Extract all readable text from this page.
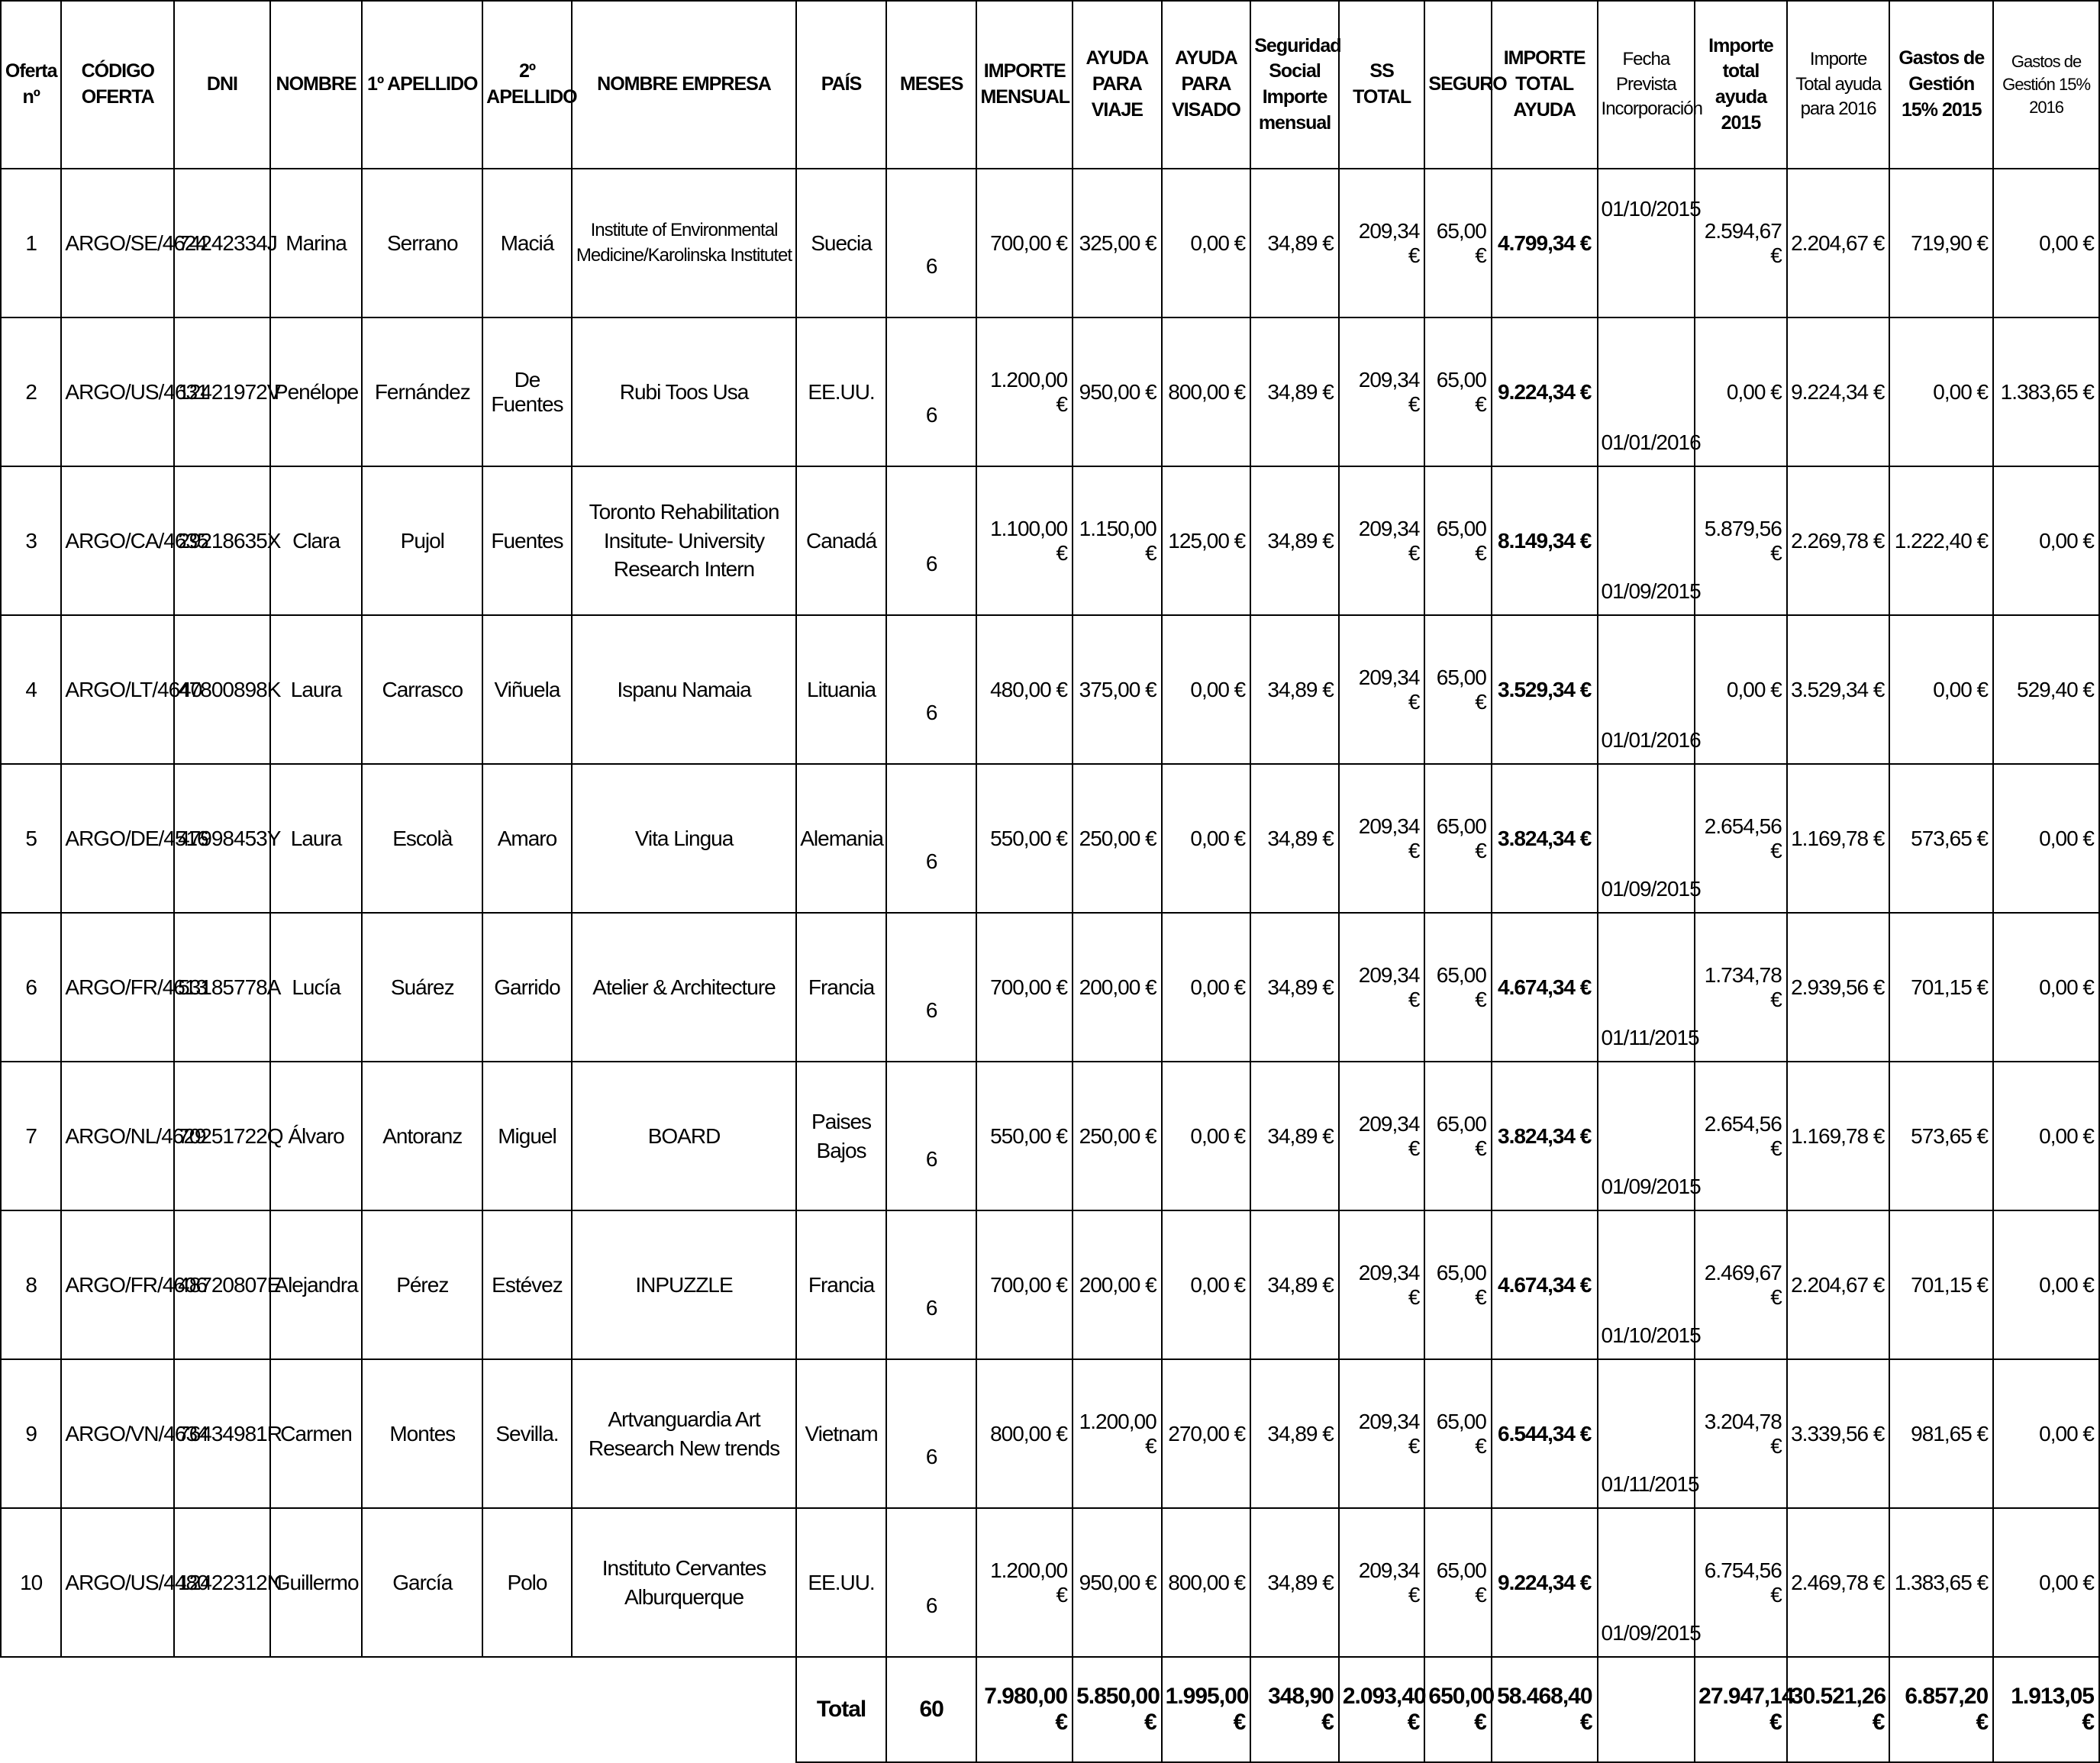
Oferta nº	CÓDIGO OFERTA	DNI	NOMBRE	1º APELLIDO	2º APELLIDO	NOMBRE EMPRESA	PAÍS	MESES	IMPORTE MENSUAL	AYUDA PARA VIAJE	AYUDA PARA VISADO	Seguridad Social Importe mensual	SS TOTAL	SEGURO	IMPORTE TOTAL AYUDA	Fecha Prevista Incorporación	Importe total ayuda 2015	Importe Total ayuda para 2016	Gastos de Gestión 15% 2015	Gastos de Gestión 15% 2016
1	ARGO/SE/4624	74242334J	Marina	Serrano	Maciá	Institute of Environmental Medicine/Karolinska Institutet	Suecia	6	700,00 €	325,00 €	0,00 €	34,89 €	209,34 €	65,00 €	4.799,34 €	01/10/2015	2.594,67 €	2.204,67 €	719,90 €	0,00 €
2	ARGO/US/4631	12421972V	Penélope	Fernández	De Fuentes	Rubi Toos Usa	EE.UU.	6	1.200,00 €	950,00 €	800,00 €	34,89 €	209,34 €	65,00 €	9.224,34 €	01/01/2016	0,00 €	9.224,34 €	0,00 €	1.383,65 €
3	ARGO/CA/4635	29218635X	Clara	Pujol	Fuentes	Toronto Rehabilitation Insitute- University Research Intern	Canadá	6	1.100,00 €	1.150,00 €	125,00 €	34,89 €	209,34 €	65,00 €	8.149,34 €	01/09/2015	5.879,56 €	2.269,78 €	1.222,40 €	0,00 €
4	ARGO/LT/4640	47800898K	Laura	Carrasco	Viñuela	Ispanu Namaia	Lituania	6	480,00 €	375,00 €	0,00 €	34,89 €	209,34 €	65,00 €	3.529,34 €	01/01/2016	0,00 €	3.529,34 €	0,00 €	529,40 €
5	ARGO/DE/4516	47998453Y	Laura	Escolà	Amaro	Vita Lingua	Alemania	6	550,00 €	250,00 €	0,00 €	34,89 €	209,34 €	65,00 €	3.824,34 €	01/09/2015	2.654,56 €	1.169,78 €	573,65 €	0,00 €
6	ARGO/FR/4613	53185778A	Lucía	Suárez	Garrido	Atelier & Architecture	Francia	6	700,00 €	200,00 €	0,00 €	34,89 €	209,34 €	65,00 €	4.674,34 €	01/11/2015	1.734,78 €	2.939,56 €	701,15 €	0,00 €
7	ARGO/NL/4629	70251722Q	Álvaro	Antoranz	Miguel	BOARD	Paises Bajos	6	550,00 €	250,00 €	0,00 €	34,89 €	209,34 €	65,00 €	3.824,34 €	01/09/2015	2.654,56 €	1.169,78 €	573,65 €	0,00 €
8	ARGO/FR/4606	48720807E	Alejandra	Pérez	Estévez	INPUZZLE	Francia	6	700,00 €	200,00 €	0,00 €	34,89 €	209,34 €	65,00 €	4.674,34 €	01/10/2015	2.469,67 €	2.204,67 €	701,15 €	0,00 €
9	ARGO/VN/4634	76434981R	Carmen	Montes	Sevilla.	Artvanguardia Art Research New trends	Vietnam	6	800,00 €	1.200,00 €	270,00 €	34,89 €	209,34 €	65,00 €	6.544,34 €	01/11/2015	3.204,78 €	3.339,56 €	981,65 €	0,00 €
10	ARGO/US/4480	12422312N	Guillermo	García	Polo	Instituto Cervantes Alburquerque	EE.UU.	6	1.200,00 €	950,00 €	800,00 €	34,89 €	209,34 €	65,00 €	9.224,34 €	01/09/2015	6.754,56 €	2.469,78 €	1.383,65 €	0,00 €
							Total	60	7.980,00 €	5.850,00 €	1.995,00 €	348,90 €	2.093,40 €	650,00 €	58.468,40 €		27.947,14 €	30.521,26 €	6.857,20 €	1.913,05 €
